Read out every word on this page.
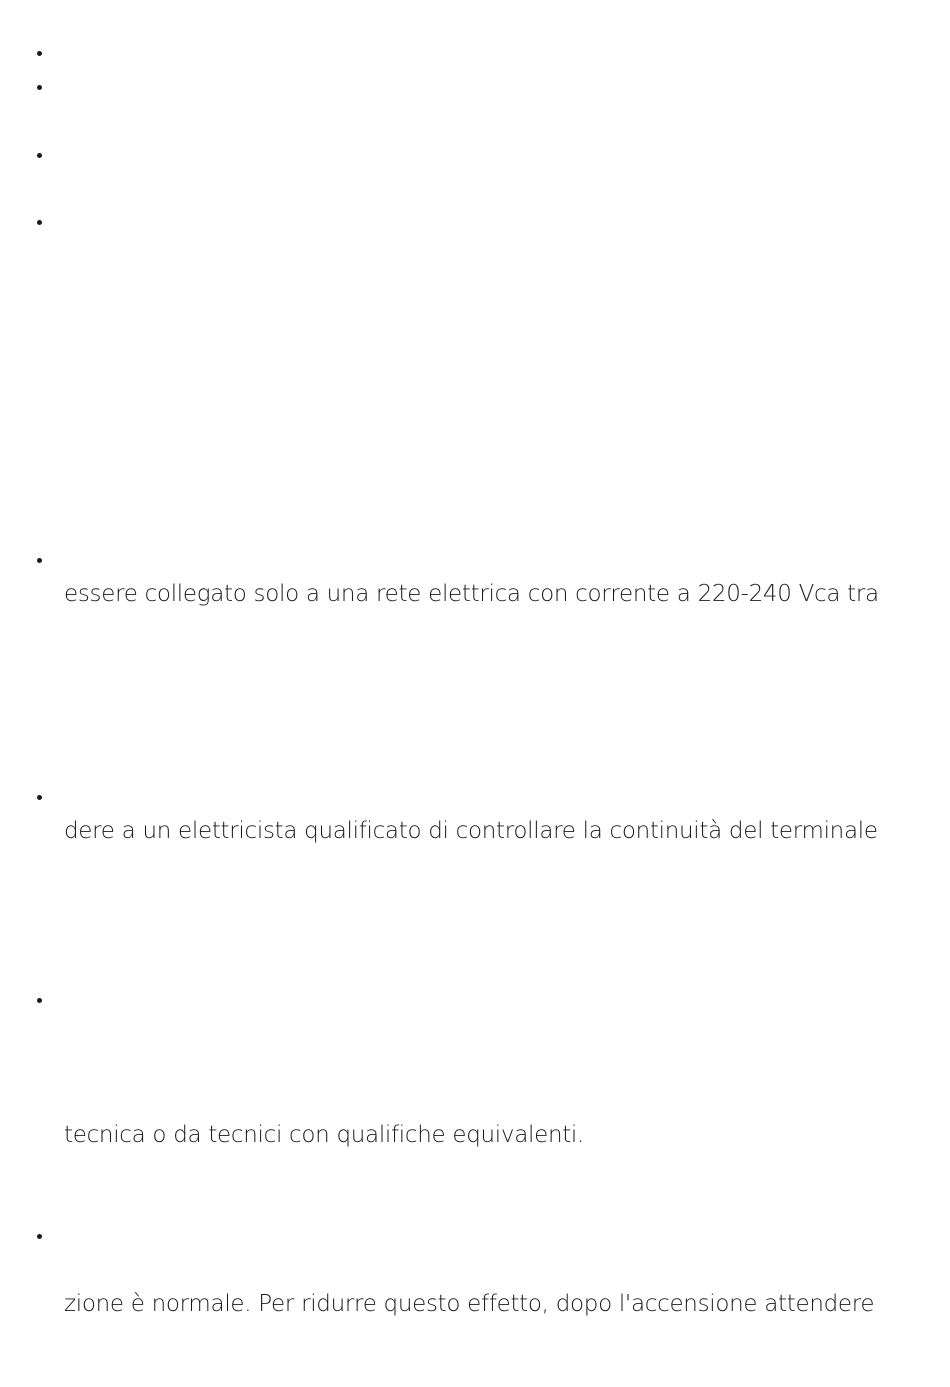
essere collegato solo a una rete elettrica con corrente a 220-240 Vca tra
dere a un elettricista qualificato di controllare la continuità del terminale
tecnica o da tecnici con qualifiche equivalenti.
zione è normale. Per ridurre questo effetto, dopo l'accensione attendere
